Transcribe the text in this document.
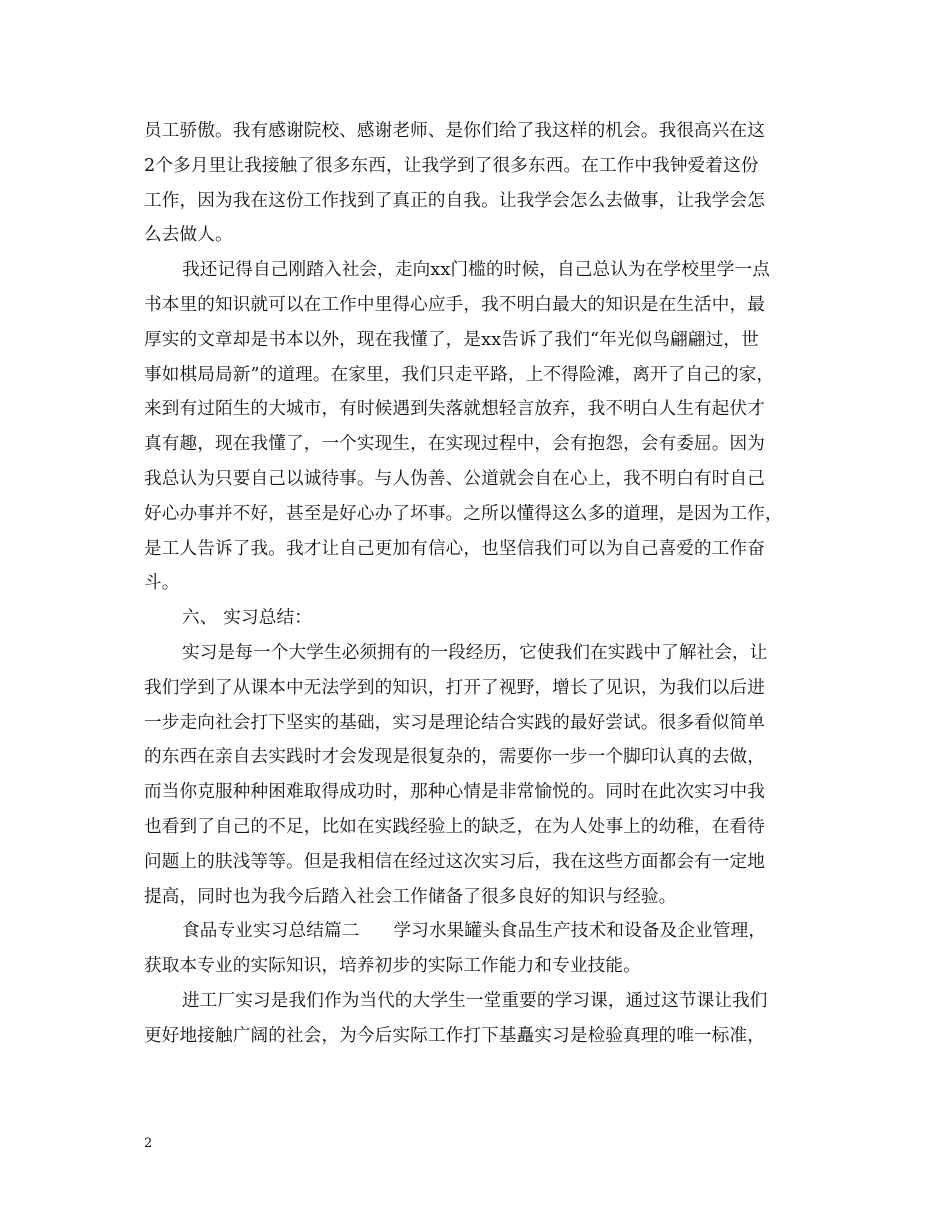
员工骄傲。我有感谢院校、感谢老师、是你们给了我这样的机会。我很高兴在这
2个多月里让我接触了很多东西，让我学到了很多东西。在工作中我钟爱着这份
工作，因为我在这份工作找到了真正的自我。让我学会怎么去做事，让我学会怎
么去做人。
我还记得自己刚踏入社会，走向xx门槛的时候，自己总认为在学校里学一点
书本里的知识就可以在工作中里得心应手，我不明白最大的知识是在生活中，最
厚实的文章却是书本以外，现在我懂了，是xx告诉了我们“年光似鸟翩翩过，世
事如棋局局新”的道理。在家里，我们只走平路，上不得险滩，离开了自己的家，
来到有过陌生的大城市，有时候遇到失落就想轻言放弃，我不明白人生有起伏才
真有趣，现在我懂了，一个实现生，在实现过程中，会有抱怨，会有委屈。因为
我总认为只要自己以诚待事。与人伪善、公道就会自在心上，我不明白有时自己
好心办事并不好，甚至是好心办了坏事。之所以懂得这么多的道理，是因为工作，
是工人告诉了我。我才让自己更加有信心，也坚信我们可以为自己喜爱的工作奋
斗。
六、 实习总结：
实习是每一个大学生必须拥有的一段经历，它使我们在实践中了解社会，让
我们学到了从课本中无法学到的知识，打开了视野，增长了见识，为我们以后进
一步走向社会打下坚实的基础，实习是理论结合实践的最好尝试。很多看似简单
的东西在亲自去实践时才会发现是很复杂的，需要你一步一个脚印认真的去做，
而当你克服种种困难取得成功时，那种心情是非常愉悦的。同时在此次实习中我
也看到了自己的不足，比如在实践经验上的缺乏，在为人处事上的幼稚，在看待
问题上的肤浅等等。但是我相信在经过这次实习后，我在这些方面都会有一定地
提高，同时也为我今后踏入社会工作储备了很多良好的知识与经验。
食品专业实习总结篇二 学习水果罐头食品生产技术和设备及企业管理，
获取本专业的实际知识，培养初步的实际工作能力和专业技能。
进工厂实习是我们作为当代的大学生一堂重要的学习课，通过这节课让我们
更好地接触广阔的社会，为今后实际工作打下基矗实习是检验真理的唯一标准，
2
